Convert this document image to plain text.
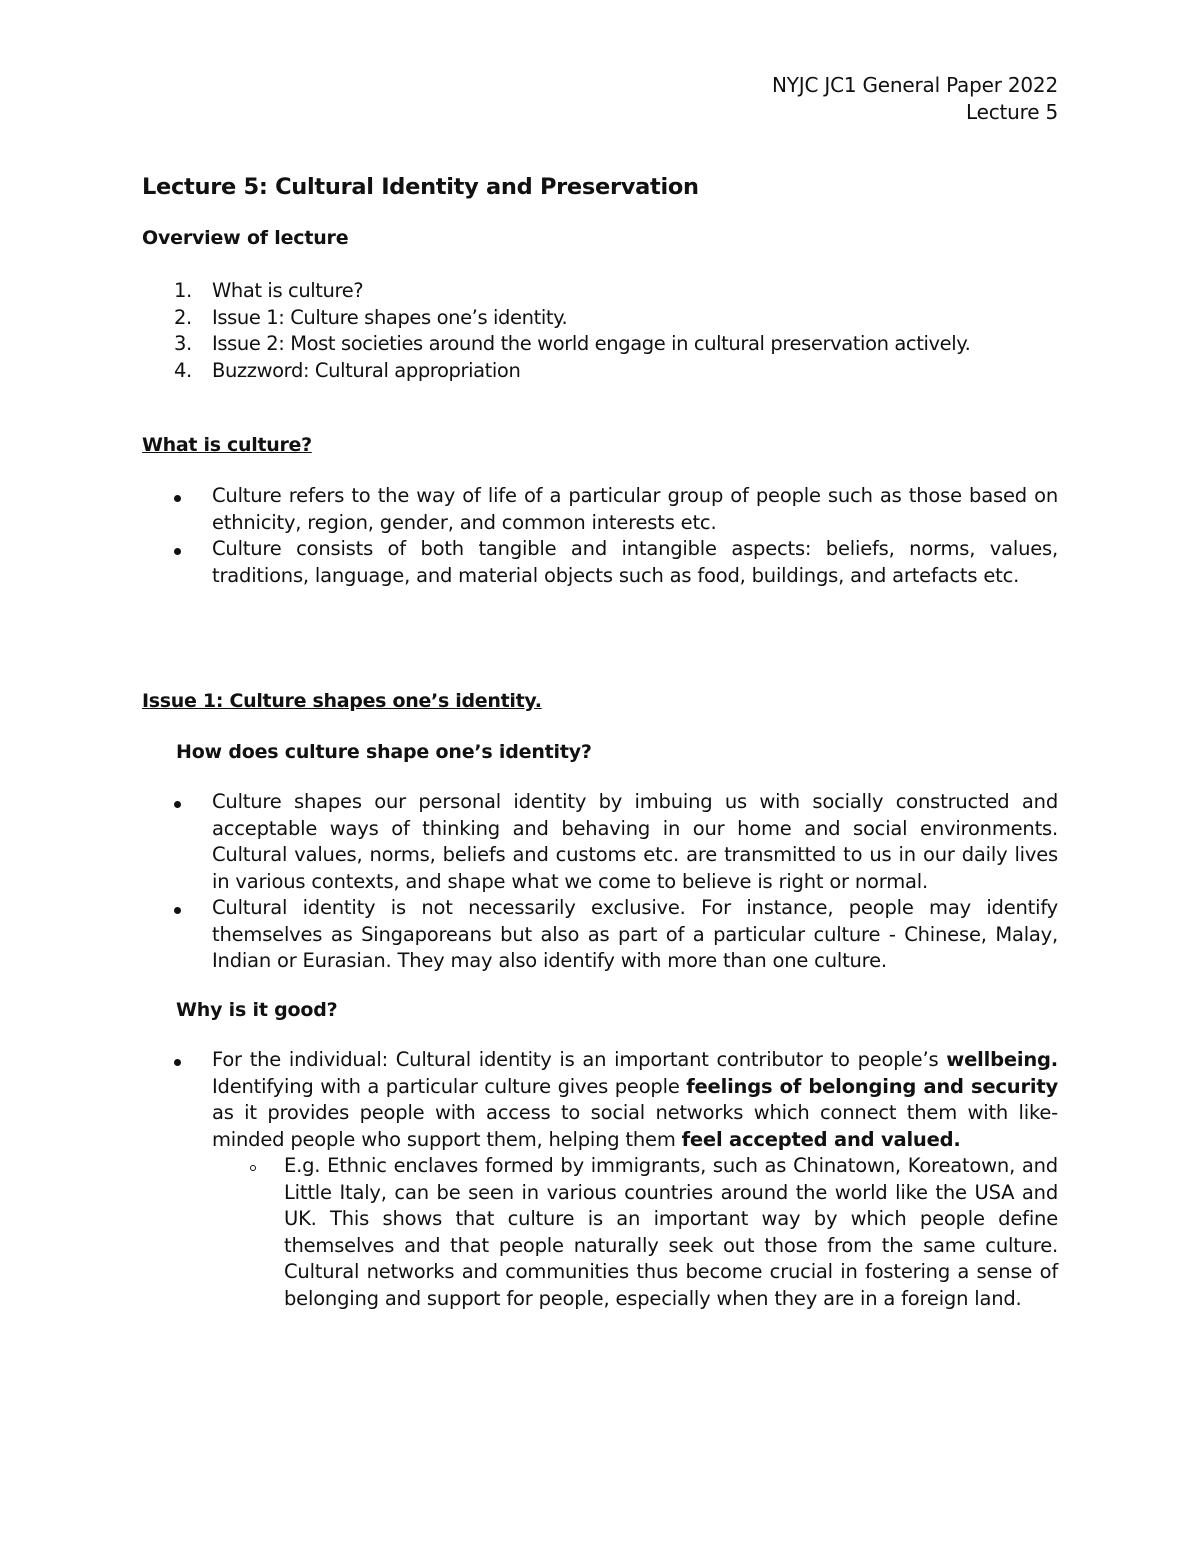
NYJC JC1 General Paper 2022
Lecture 5
Lecture 5: Cultural Identity and Preservation
Overview of lecture
1. What is culture?
2. Issue 1: Culture shapes one’s identity.
3. Issue 2: Most societies around the world engage in cultural preservation actively.
4. Buzzword: Cultural appropriation
What is culture?
Culture refers to the way of life of a particular group of people such as those based on ethnicity, region, gender, and common interests etc.
Culture consists of both tangible and intangible aspects: beliefs, norms, values, traditions, language, and material objects such as food, buildings, and artefacts etc.
Issue 1: Culture shapes one’s identity.
How does culture shape one’s identity?
Culture shapes our personal identity by imbuing us with socially constructed and acceptable ways of thinking and behaving in our home and social environments. Cultural values, norms, beliefs and customs etc. are transmitted to us in our daily lives in various contexts, and shape what we come to believe is right or normal.
Cultural identity is not necessarily exclusive. For instance, people may identify themselves as Singaporeans but also as part of a particular culture - Chinese, Malay, Indian or Eurasian. They may also identify with more than one culture.
Why is it good?
For the individual: Cultural identity is an important contributor to people’s wellbeing. Identifying with a particular culture gives people feelings of belonging and security as it provides people with access to social networks which connect them with like-minded people who support them, helping them feel accepted and valued.
E.g. Ethnic enclaves formed by immigrants, such as Chinatown, Koreatown, and Little Italy, can be seen in various countries around the world like the USA and UK. This shows that culture is an important way by which people define themselves and that people naturally seek out those from the same culture. Cultural networks and communities thus become crucial in fostering a sense of belonging and support for people, especially when they are in a foreign land.
